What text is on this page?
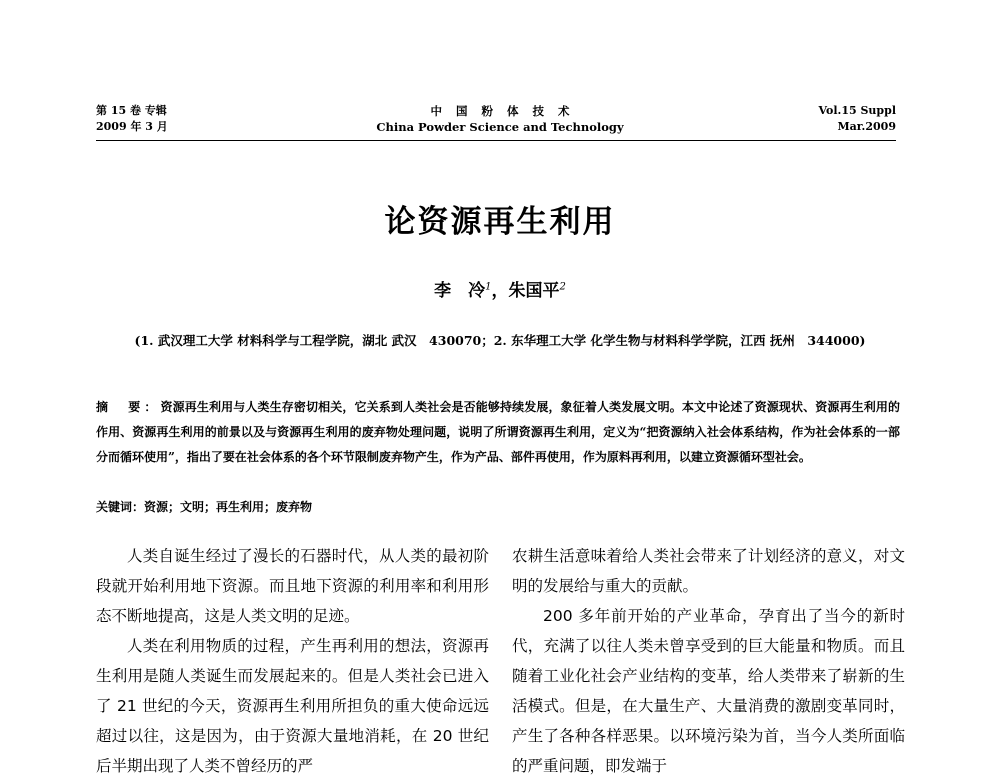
第 15 卷 专辑
2009 年 3 月
中国粉体技术
China Powder Science and Technology
Vol.15 Suppl
Mar.2009
论资源再生利用
李　冷$^1$，朱国平$^2$
(1. 武汉理工大学 材料科学与工程学院，湖北 武汉　430070；2. 东华理工大学 化学生物与材料科学学院，江西 抚州　344000)
摘　要：资源再生利用与人类生存密切相关，它关系到人类社会是否能够持续发展，象征着人类发展文明。本文中论述了资源现状、资源再生利用的作用、资源再生利用的前景以及与资源再生利用的废弃物处理问题，说明了所谓资源再生利用，定义为“把资源纳入社会体系结构，作为社会体系的一部分而循环使用”，指出了要在社会体系的各个环节限制废弃物产生，作为产品、部件再使用，作为原料再利用，以建立资源循环型社会。
关键词：资源；文明；再生利用；废弃物

人类自诞生经过了漫长的石器时代，从人类的最初阶段就开始利用地下资源。而且地下资源的利用率和利用形态不断地提高，这是人类文明的足迹。

人类在利用物质的过程，产生再利用的想法，资源再生利用是随人类诞生而发展起来的。但是人类社会已进入了 21 世纪的今天，资源再生利用所担负的重大使命远远超过以往，这是因为，由于资源大量地消耗，在 20 世纪后半期出现了人类不曾经历的严

农耕生活意味着给人类社会带来了计划经济的意义，对文明的发展给与重大的贡献。

200 多年前开始的产业革命，孕育出了当今的新时代，充满了以往人类未曾享受到的巨大能量和物质。而且随着工业化社会产业结构的变革，给人类带来了崭新的生活模式。但是，在大量生产、大量消费的激剧变革同时，产生了各种各样恶果。以环境污染为首，当今人类所面临的严重问题，即发端于
